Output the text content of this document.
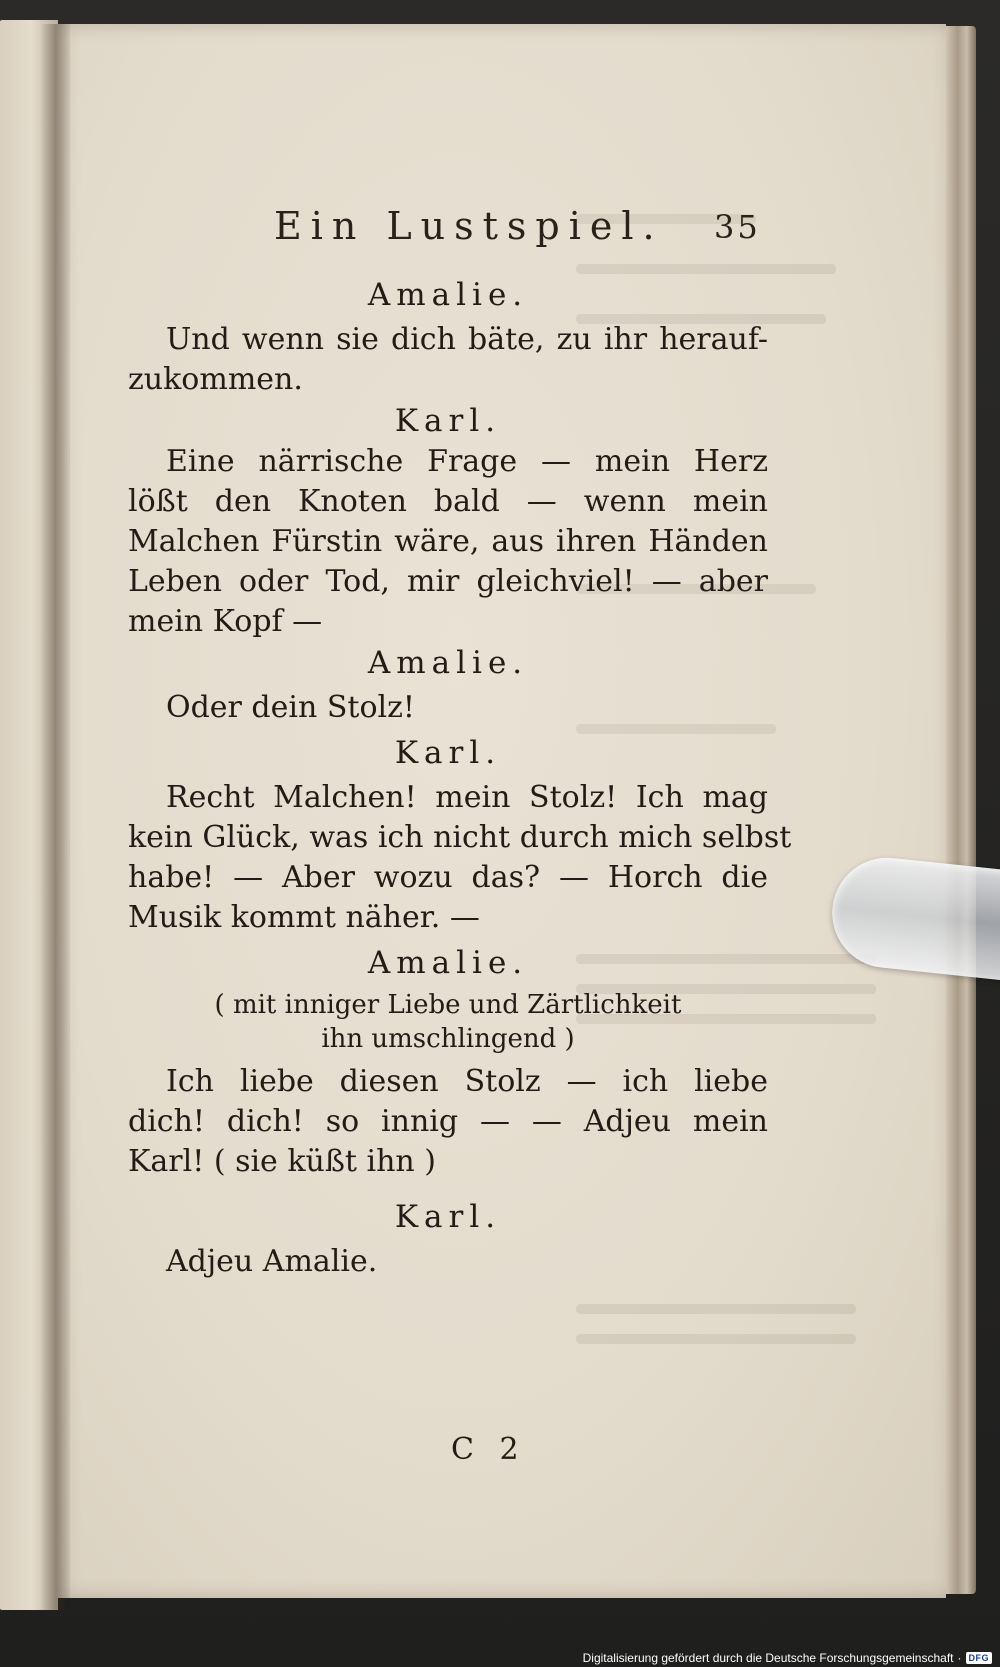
Ein Lustspiel. 35

Amalie.

Und wenn sie dich bäte, zu ihr herauf-

zukommen.

Karl.

Eine närrische Frage — mein Herz

lößt den Knoten bald — wenn mein

Malchen Fürstin wäre, aus ihren Händen

Leben oder Tod, mir gleichviel! — aber

mein Kopf —

Amalie.

Oder dein Stolz!

Karl.

Recht Malchen! mein Stolz! Ich mag

kein Glück, was ich nicht durch mich selbst

habe! — Aber wozu das? — Horch die

Musik kommt näher. —

Amalie.

( mit inniger Liebe und Zärtlichkeit
ihn umschlingend )

Ich liebe diesen Stolz — ich liebe

dich! dich! so innig — — Adjeu mein

Karl! ( sie küßt ihn )

Karl.

Adjeu Amalie.

C 2
Digitalisierung gefördert durch die Deutsche Forschungsgemeinschaft · DFG
